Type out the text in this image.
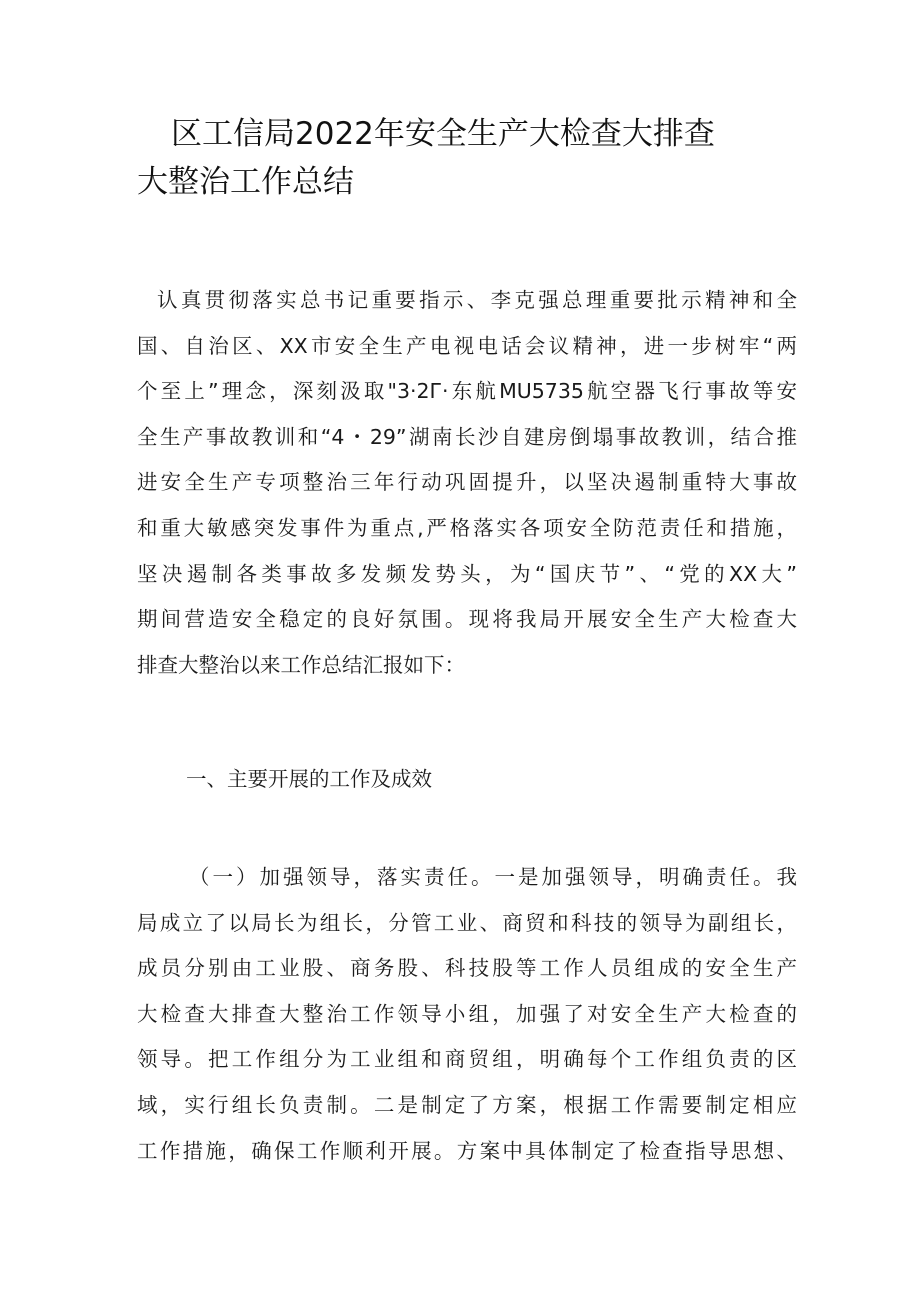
区工信局2022年安全生产大检查大排查
大整治工作总结
认真贯彻落实总书记重要指示、李克强总理重要批示精神和全
国、自治区、XX市安全生产电视电话会议精神，进一步树牢“两
个至上”理念，深刻汲取"3·2Г·东航MU5735航空器飞行事故等安
全生产事故教训和“4・29”湖南长沙自建房倒塌事故教训，结合推
进安全生产专项整治三年行动巩固提升，以坚决遏制重特大事故
和重大敏感突发事件为重点,严格落实各项安全防范责任和措施，
坚决遏制各类事故多发频发势头，为“国庆节”、“党的XX大”
期间营造安全稳定的良好氛围。现将我局开展安全生产大检查大
排查大整治以来工作总结汇报如下：
一、主要开展的工作及成效
（一）加强领导，落实责任。一是加强领导，明确责任。我
局成立了以局长为组长，分管工业、商贸和科技的领导为副组长，
成员分别由工业股、商务股、科技股等工作人员组成的安全生产
大检查大排查大整治工作领导小组，加强了对安全生产大检查的
领导。把工作组分为工业组和商贸组，明确每个工作组负责的区
域，实行组长负责制。二是制定了方案，根据工作需要制定相应
工作措施，确保工作顺利开展。方案中具体制定了检查指导思想、
